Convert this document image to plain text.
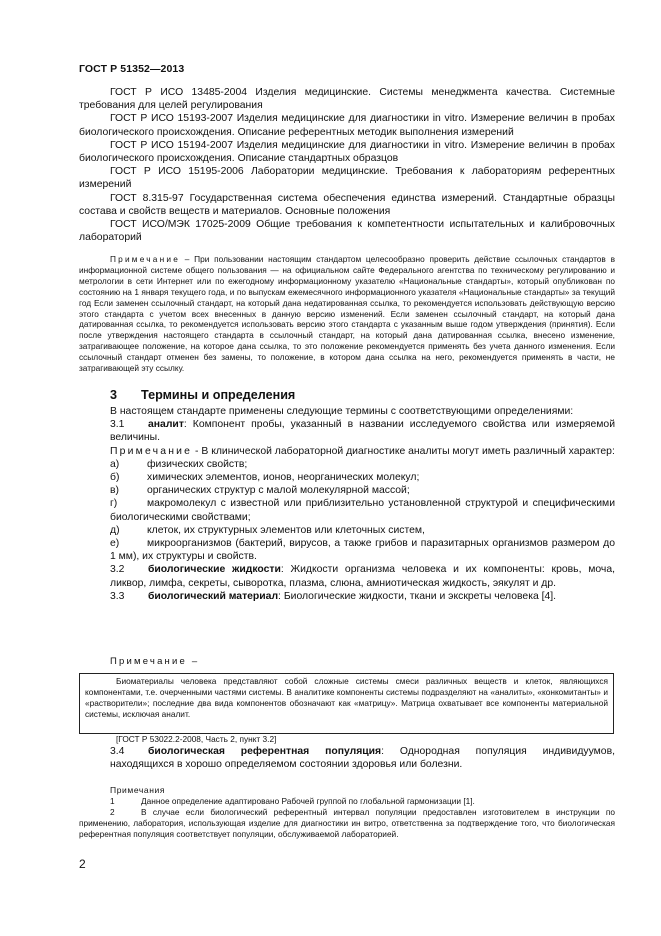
ГОСТ Р 51352—2013

ГОСТ Р ИСО 13485-2004 Изделия медицинские. Системы менеджмента качества. Системные требования для целей регулирования

ГОСТ Р ИСО 15193-2007 Изделия медицинские для диагностики in vitro. Измерение величин в пробах биологического происхождения. Описание референтных методик выполнения измерений

ГОСТ Р ИСО 15194-2007 Изделия медицинские для диагностики in vitro. Измерение величин в пробах биологического происхождения. Описание стандартных образцов

ГОСТ Р ИСО 15195-2006 Лаборатории медицинские. Требования к лабораториям референтных измерений

ГОСТ 8.315-97 Государственная система обеспечения единства измерений. Стандартные образцы состава и свойств веществ и материалов. Основные положения

ГОСТ ИСО/МЭК 17025-2009 Общие требования к компетентности испытательных и калибровочных лабораторий

Примечание – При пользовании настоящим стандартом целесообразно проверить действие ссылочных стандартов в информационной системе общего пользования — на официальном сайте Федерального агентства по техническому регулированию и метрологии в сети Интернет или по ежегодному информационному указателю «Национальные стандарты», который опубликован по состоянию на 1 января текущего года, и по выпускам ежемесячного информационного указателя «Национальные стандарты» за текущий год Если заменен ссылочный стандарт, на который дана недатированная ссылка, то рекомендуется использовать действующую версию этого стандарта с учетом всех внесенных в данную версию изменений. Если заменен ссылочный стандарт, на который дана датированная ссылка, то рекомендуется использовать версию этого стандарта с указанным выше годом утверждения (принятия). Если после утверждения настоящего стандарта в ссылочный стандарт, на который дана датированная ссылка, внесено изменение, затрагивающее положение, на которое дана ссылка, то это положение рекомендуется применять без учета данного изменения. Если ссылочный стандарт отменен без замены, то положение, в котором дана ссылка на него, рекомендуется применять в части, не затрагивающей эту ссылку.

3 Термины и определения

В настоящем стандарте применены следующие термины с соответствующими определениями:

3.1 аналит: Компонент пробы, указанный в названии исследуемого свойства или измеряемой величины.

Примечание - В клинической лабораторной диагностике аналиты могут иметь различный характер:

а)	физических свойств;

б)	химических элементов, ионов, неорганических молекул;

в)	органических структур с малой молекулярной массой;

г)	макромолекул с известной или приблизительно установленной структурой и специфическими биологическими свойствами;

д)	клеток, их структурных элементов или клеточных систем,

е)	микроорганизмов (бактерий, вирусов, а также грибов и паразитарных организмов размером до 1 мм), их структуры и свойств.

3.2 биологические жидкости: Жидкости организма человека и их компоненты: кровь, моча, ликвор, лимфа, секреты, сыворотка, плазма, слюна, амниотическая жидкость, эякулят и др.

3.3 биологический материал: Биологические жидкости, ткани и экскреты человека [4].

Примечание –

Биоматериалы человека представляют собой сложные системы смеси различных веществ и клеток, являющихся компонентами, т.е. очерченными частями системы. В аналитике компоненты системы подразделяют на «аналиты», «конкомитанты» и «растворители»; последние два вида компонентов обозначают как «матрицу». Матрица охватывает все компоненты материальной системы, исключая аналит.

[ГОСТ Р 53022.2-2008, Часть 2, пункт 3.2]

3.4 биологическая референтная популяция: Однородная популяция индивидуумов, находящихся в хорошо определяемом состоянии здоровья или болезни.

Примечания

1	Данное определение адаптировано Рабочей группой по глобальной гармонизации [1].

2	В случае если биологический референтный интервал популяции предоставлен изготовителем в инструкции по применению, лаборатория, использующая изделие для диагностики ин витро, ответственна за подтверждение того, что биологическая референтная популяция соответствует популяции, обслуживаемой лабораторией.

2
